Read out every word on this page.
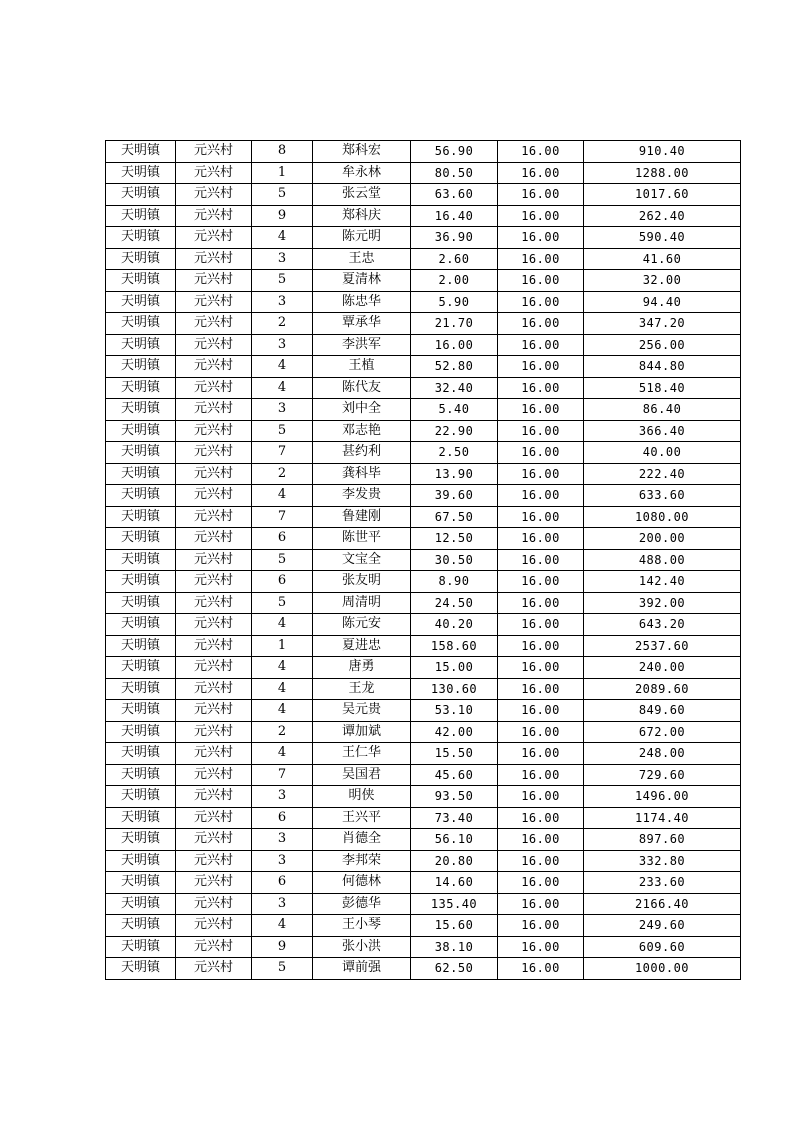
天明镇	元兴村	8	郑科宏	56.90	16.00	910.40
天明镇	元兴村	1	牟永林	80.50	16.00	1288.00
天明镇	元兴村	5	张云堂	63.60	16.00	1017.60
天明镇	元兴村	9	郑科庆	16.40	16.00	262.40
天明镇	元兴村	4	陈元明	36.90	16.00	590.40
天明镇	元兴村	3	王忠	2.60	16.00	41.60
天明镇	元兴村	5	夏清林	2.00	16.00	32.00
天明镇	元兴村	3	陈忠华	5.90	16.00	94.40
天明镇	元兴村	2	覃承华	21.70	16.00	347.20
天明镇	元兴村	3	李洪军	16.00	16.00	256.00
天明镇	元兴村	4	王植	52.80	16.00	844.80
天明镇	元兴村	4	陈代友	32.40	16.00	518.40
天明镇	元兴村	3	刘中全	5.40	16.00	86.40
天明镇	元兴村	5	邓志艳	22.90	16.00	366.40
天明镇	元兴村	7	甚约利	2.50	16.00	40.00
天明镇	元兴村	2	龚科毕	13.90	16.00	222.40
天明镇	元兴村	4	李发贵	39.60	16.00	633.60
天明镇	元兴村	7	鲁建刚	67.50	16.00	1080.00
天明镇	元兴村	6	陈世平	12.50	16.00	200.00
天明镇	元兴村	5	文宝全	30.50	16.00	488.00
天明镇	元兴村	6	张友明	8.90	16.00	142.40
天明镇	元兴村	5	周清明	24.50	16.00	392.00
天明镇	元兴村	4	陈元安	40.20	16.00	643.20
天明镇	元兴村	1	夏进忠	158.60	16.00	2537.60
天明镇	元兴村	4	唐勇	15.00	16.00	240.00
天明镇	元兴村	4	王龙	130.60	16.00	2089.60
天明镇	元兴村	4	吴元贵	53.10	16.00	849.60
天明镇	元兴村	2	谭加斌	42.00	16.00	672.00
天明镇	元兴村	4	王仁华	15.50	16.00	248.00
天明镇	元兴村	7	吴国君	45.60	16.00	729.60
天明镇	元兴村	3	明侠	93.50	16.00	1496.00
天明镇	元兴村	6	王兴平	73.40	16.00	1174.40
天明镇	元兴村	3	肖德全	56.10	16.00	897.60
天明镇	元兴村	3	李邦荣	20.80	16.00	332.80
天明镇	元兴村	6	何德林	14.60	16.00	233.60
天明镇	元兴村	3	彭德华	135.40	16.00	2166.40
天明镇	元兴村	4	王小琴	15.60	16.00	249.60
天明镇	元兴村	9	张小洪	38.10	16.00	609.60
天明镇	元兴村	5	谭前强	62.50	16.00	1000.00
